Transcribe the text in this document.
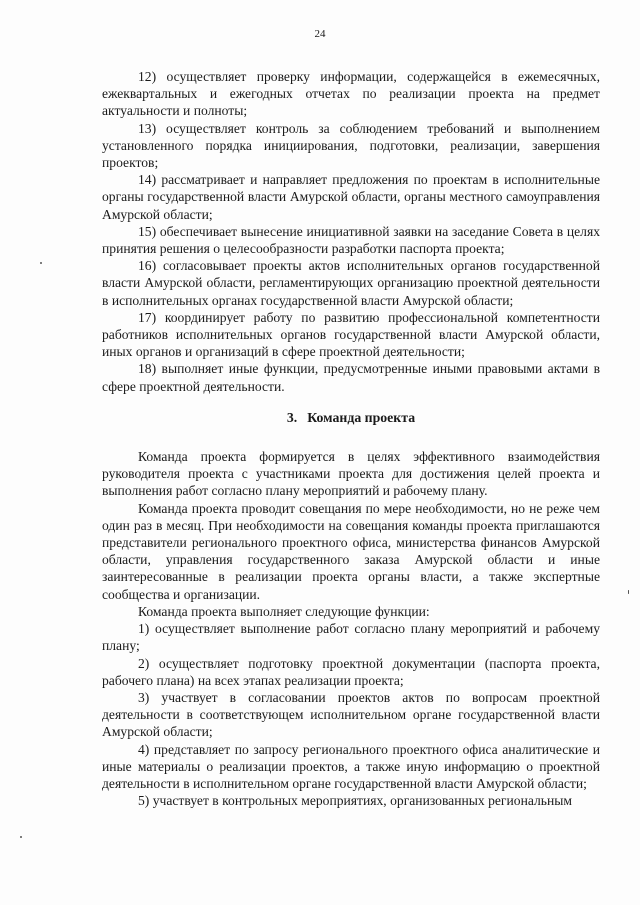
24

12) осуществляет проверку информации, содержащейся в ежемесячных, ежеквартальных и ежегодных отчетах по реализации проекта на предмет актуальности и полноты;

13) осуществляет контроль за соблюдением требований и выполнением установленного порядка инициирования, подготовки, реализации, завершения проектов;

14) рассматривает и направляет предложения по проектам в исполнительные органы государственной власти Амурской области, органы местного самоуправления Амурской области;

15) обеспечивает вынесение инициативной заявки на заседание Совета в целях принятия решения о целесообразности разработки паспорта проекта;

16) согласовывает проекты актов исполнительных органов государственной власти Амурской области, регламентирующих организацию проектной деятельности в исполнительных органах государственной власти Амурской области;

17) координирует работу по развитию профессиональной компетентности работников исполнительных органов государственной власти Амурской области, иных органов и организаций в сфере проектной деятельности;

18) выполняет иные функции, предусмотренные иными правовыми актами в сфере проектной деятельности.

3. Команда проекта

Команда проекта формируется в целях эффективного взаимодействия руководителя проекта с участниками проекта для достижения целей проекта и выполнения работ согласно плану мероприятий и рабочему плану.

Команда проекта проводит совещания по мере необходимости, но не реже чем один раз в месяц. При необходимости на совещания команды проекта приглашаются представители регионального проектного офиса, министерства финансов Амурской области, управления государственного заказа Амурской области и иные заинтересованные в реализации проекта органы власти, а также экспертные сообщества и организации.

Команда проекта выполняет следующие функции:

1) осуществляет выполнение работ согласно плану мероприятий и рабочему плану;

2) осуществляет подготовку проектной документации (паспорта проекта, рабочего плана) на всех этапах реализации проекта;

3) участвует в согласовании проектов актов по вопросам проектной деятельности в соответствующем исполнительном органе государственной власти Амурской области;

4) представляет по запросу регионального проектного офиса аналитические и иные материалы о реализации проектов, а также иную информацию о проектной деятельности в исполнительном органе государственной власти Амурской области;

5) участвует в контрольных мероприятиях, организованных региональным
